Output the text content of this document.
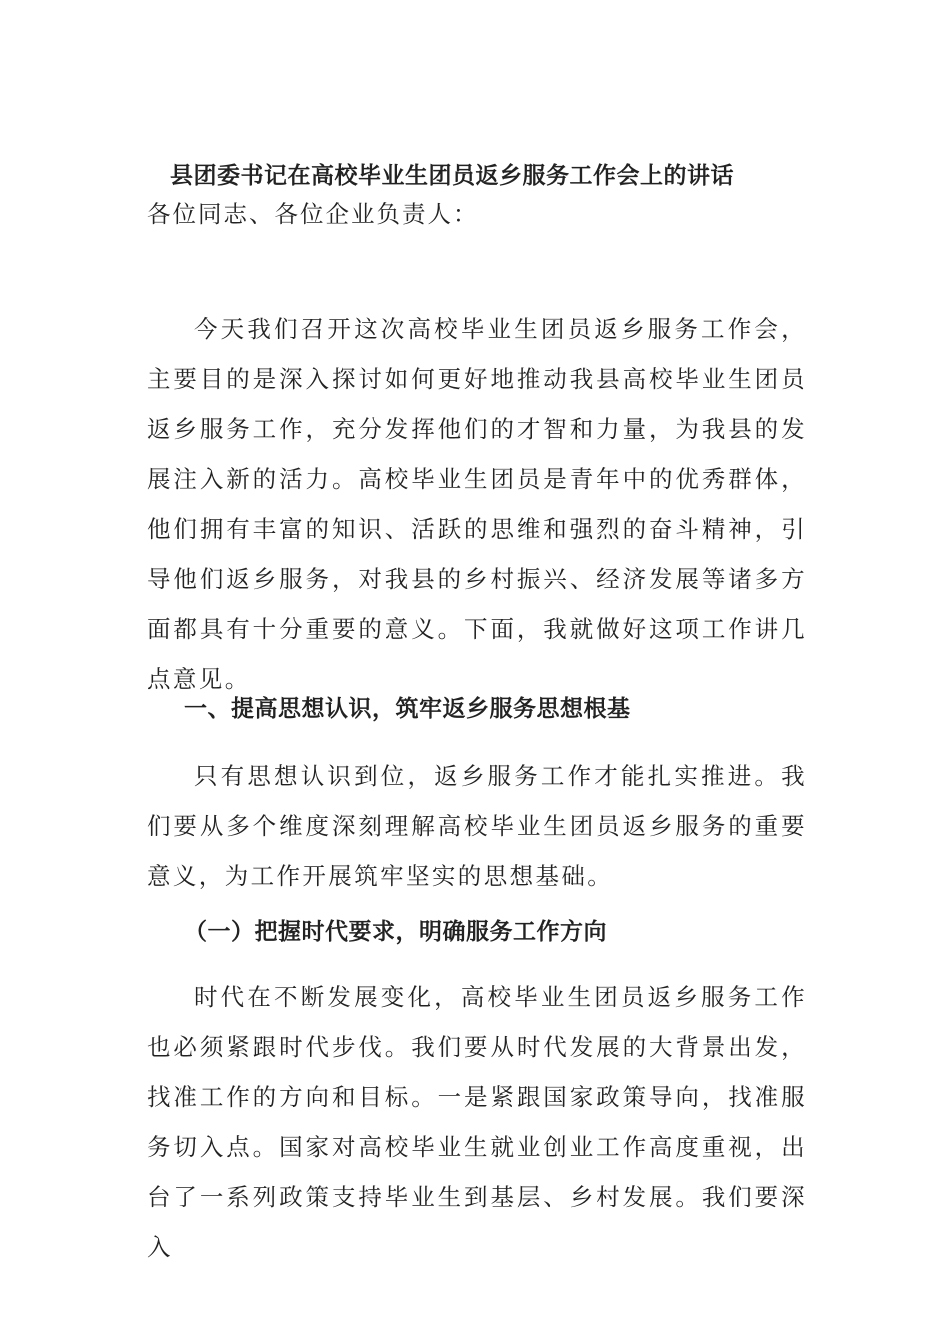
县团委书记在高校毕业生团员返乡服务工作会上的讲话
各位同志、各位企业负责人：

今天我们召开这次高校毕业生团员返乡服务工作会，主要目的是深入探讨如何更好地推动我县高校毕业生团员返乡服务工作，充分发挥他们的才智和力量，为我县的发展注入新的活力。高校毕业生团员是青年中的优秀群体，他们拥有丰富的知识、活跃的思维和强烈的奋斗精神，引导他们返乡服务，对我县的乡村振兴、经济发展等诸多方面都具有十分重要的意义。下面，我就做好这项工作讲几点意见。

一、提高思想认识，筑牢返乡服务思想根基

只有思想认识到位，返乡服务工作才能扎实推进。我们要从多个维度深刻理解高校毕业生团员返乡服务的重要意义，为工作开展筑牢坚实的思想基础。

（一）把握时代要求，明确服务工作方向

时代在不断发展变化，高校毕业生团员返乡服务工作也必须紧跟时代步伐。我们要从时代发展的大背景出发，找准工作的方向和目标。一是紧跟国家政策导向，找准服务切入点。国家对高校毕业生就业创业工作高度重视，出台了一系列政策支持毕业生到基层、乡村发展。我们要深入
